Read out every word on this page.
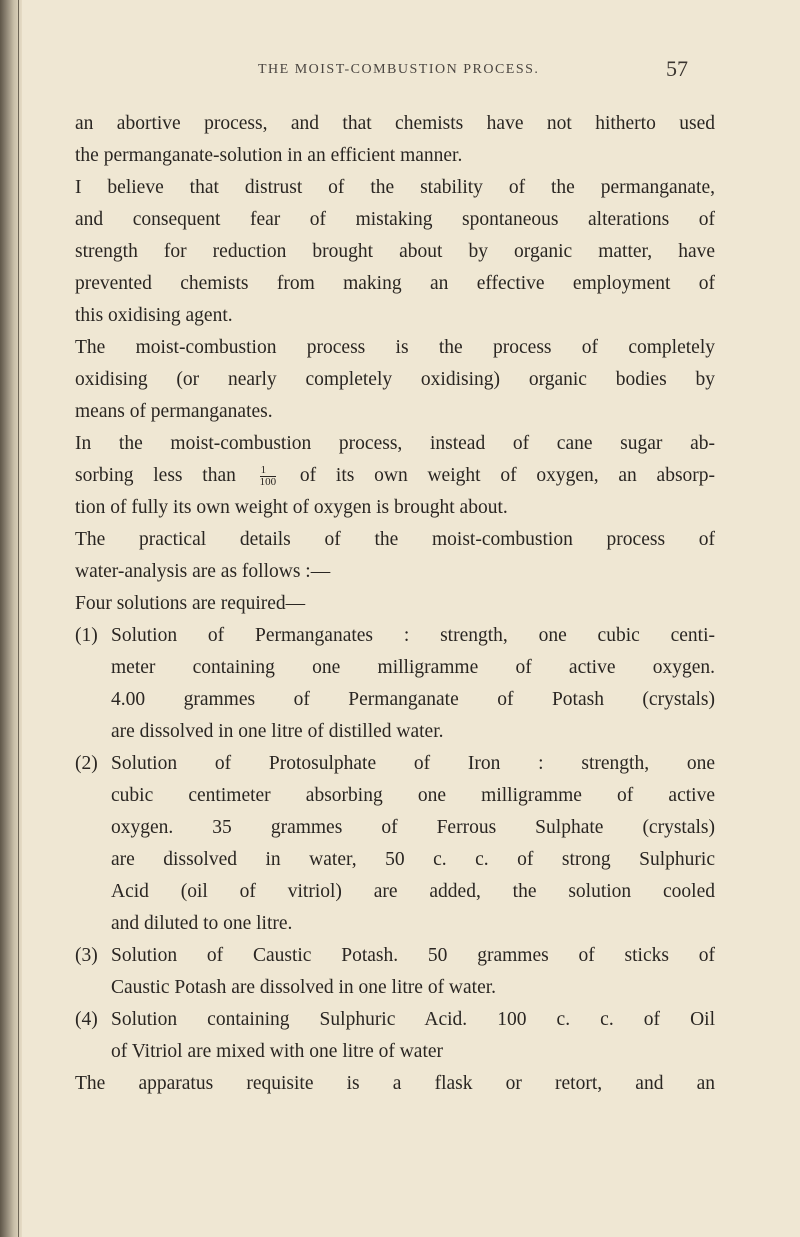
THE MOIST-COMBUSTION PROCESS.	57
an abortive process, and that chemists have not hitherto used
the permanganate-solution in an efficient manner.
I believe that distrust of the stability of the permanganate,
and consequent fear of mistaking spontaneous alterations of
strength for reduction brought about by organic matter, have
prevented chemists from making an effective employment of
this oxidising agent.
The moist-combustion process is the process of completely
oxidising (or nearly completely oxidising) organic bodies by
means of permanganates.
In the moist-combustion process, instead of cane sugar ab-
sorbing less than $\frac{1}{100}$ of its own weight of oxygen, an absorp-
tion of fully its own weight of oxygen is brought about.
The practical details of the moist-combustion process of
water-analysis are as follows :—
Four solutions are required—
(1) Solution of Permanganates : strength, one cubic centi-
meter containing one milligramme of active oxygen.
4.00 grammes of Permanganate of Potash (crystals)
are dissolved in one litre of distilled water.
(2) Solution of Protosulphate of Iron : strength, one
cubic centimeter absorbing one milligramme of active
oxygen. 35 grammes of Ferrous Sulphate (crystals)
are dissolved in water, 50 c. c. of strong Sulphuric
Acid (oil of vitriol) are added, the solution cooled
and diluted to one litre.
(3) Solution of Caustic Potash. 50 grammes of sticks of
Caustic Potash are dissolved in one litre of water.
(4) Solution containing Sulphuric Acid. 100 c. c. of Oil
of Vitriol are mixed with one litre of water
The apparatus requisite is a flask or retort, and an
